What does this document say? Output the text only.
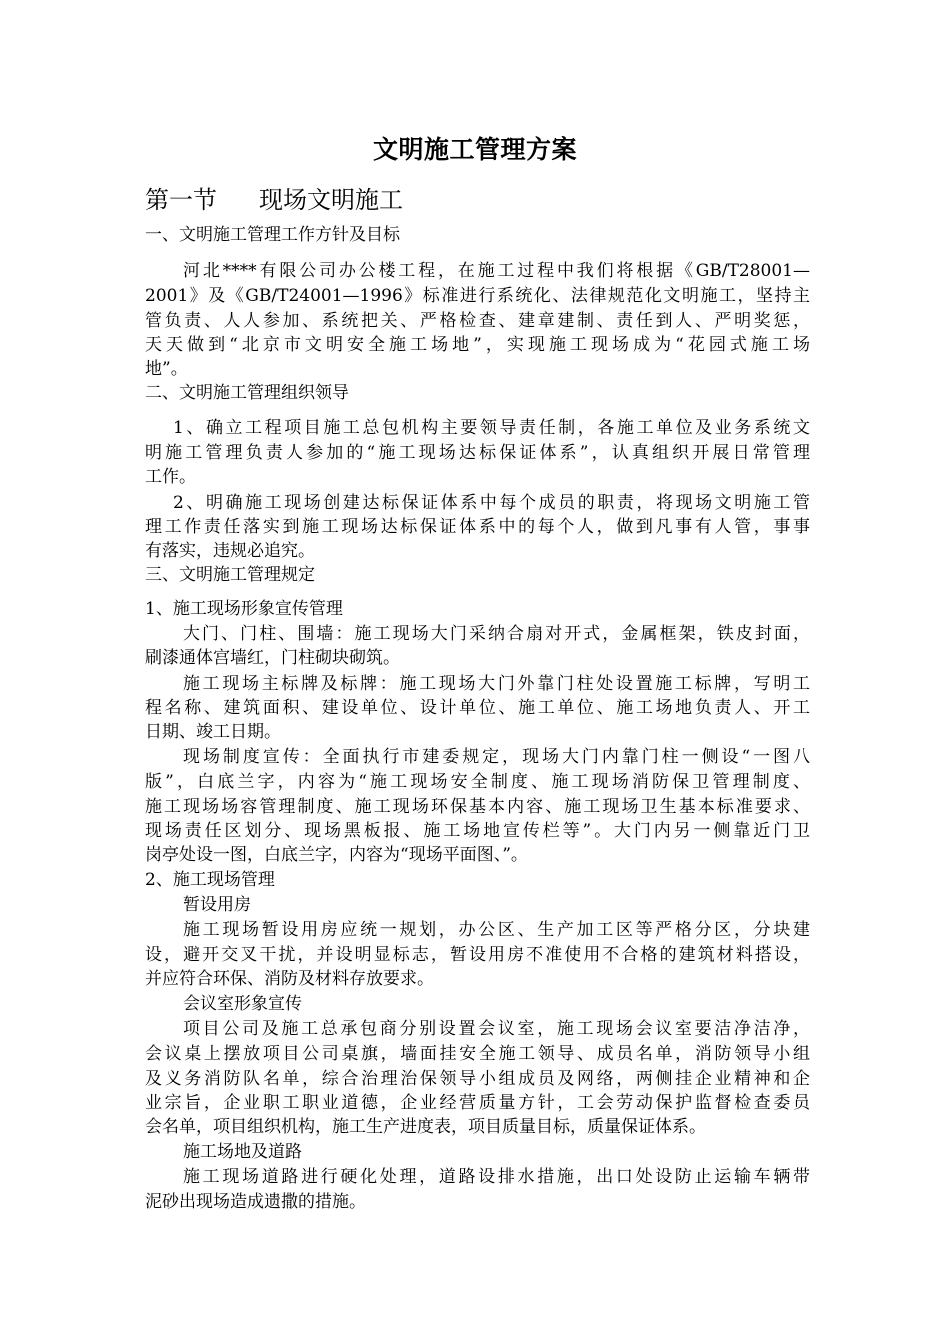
文明施工管理方案
第一节 现场文明施工
一、文明施工管理工作方针及目标
河北****有限公司办公楼工程，在施工过程中我们将根据《GB/T28001—
2001》及《GB/T24001—1996》标准进行系统化、法律规范化文明施工，坚持主
管负责、人人参加、系统把关、严格检查、建章建制、责任到人、严明奖惩，
天天做到“北京市文明安全施工场地”，实现施工现场成为“花园式施工场
地”。
二、文明施工管理组织领导
1、确立工程项目施工总包机构主要领导责任制，各施工单位及业务系统文
明施工管理负责人参加的“施工现场达标保证体系”，认真组织开展日常管理
工作。
2、明确施工现场创建达标保证体系中每个成员的职责，将现场文明施工管
理工作责任落实到施工现场达标保证体系中的每个人，做到凡事有人管，事事
有落实，违规必追究。
三、文明施工管理规定
1、施工现场形象宣传管理
大门、门柱、围墙：施工现场大门采纳合扇对开式，金属框架，铁皮封面，
刷漆通体宫墙红，门柱砌块砌筑。
施工现场主标牌及标牌：施工现场大门外靠门柱处设置施工标牌，写明工
程名称、建筑面积、建设单位、设计单位、施工单位、施工场地负责人、开工
日期、竣工日期。
现场制度宣传：全面执行市建委规定，现场大门内靠门柱一侧设“一图八
版”，白底兰字，内容为“施工现场安全制度、施工现场消防保卫管理制度、
施工现场场容管理制度、施工现场环保基本内容、施工现场卫生基本标准要求、
现场责任区划分、现场黑板报、施工场地宣传栏等”。大门内另一侧靠近门卫
岗亭处设一图，白底兰字，内容为“现场平面图、”。
2、施工现场管理
暂设用房
施工现场暂设用房应统一规划，办公区、生产加工区等严格分区，分块建
设，避开交叉干扰，并设明显标志，暂设用房不准使用不合格的建筑材料搭设，
并应符合环保、消防及材料存放要求。
会议室形象宣传
项目公司及施工总承包商分别设置会议室，施工现场会议室要洁净洁净，
会议桌上摆放项目公司桌旗，墙面挂安全施工领导、成员名单，消防领导小组
及义务消防队名单，综合治理治保领导小组成员及网络，两侧挂企业精神和企
业宗旨，企业职工职业道德，企业经营质量方针，工会劳动保护监督检查委员
会名单，项目组织机构，施工生产进度表，项目质量目标，质量保证体系。
施工场地及道路
施工现场道路进行硬化处理，道路设排水措施，出口处设防止运输车辆带
泥砂出现场造成遗撒的措施。
